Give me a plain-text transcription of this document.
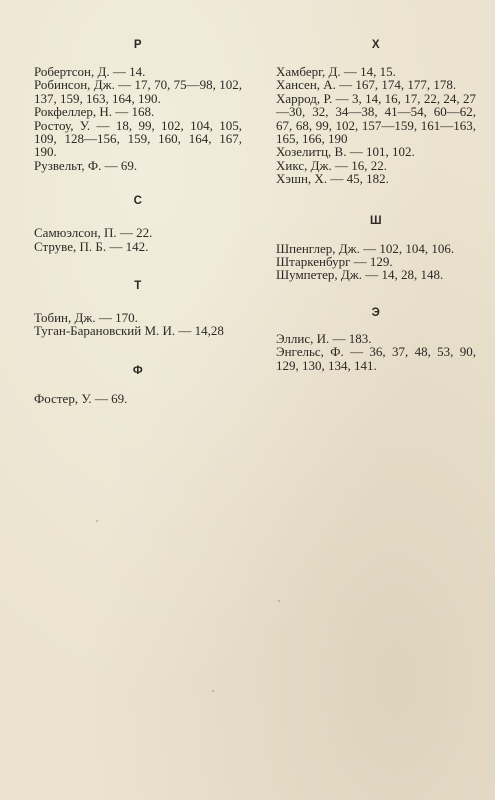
Р
Робертсон, Д. — 14.
Робинсон, Дж. — 17, 70, 75—98, 102, 137, 159, 163, 164, 190.
Рокфеллер, Н. — 168.
Ростоу, У. — 18, 99, 102, 104, 105, 109, 128—156, 159, 160, 164, 167, 190.
Рузвельт, Ф. — 69.
С
Самюэлсон, П. — 22.
Струве, П. Б. — 142.
Т
Тобин, Дж. — 170.
Туган-Барановский М. И. — 14,28
Ф
Фостер, У. — 69.
Х
Хамберг, Д. — 14, 15.
Хансен, А. — 167, 174, 177, 178.
Харрод, Р. — 3, 14, 16, 17, 22, 24, 27—30, 32, 34—38, 41—54, 60—62, 67, 68, 99, 102, 157—159, 161—163, 165, 166, 190
Хозелитц, В. — 101, 102.
Хикс, Дж. — 16, 22.
Хэшн, Х. — 45, 182.
Ш
Шпенглер, Дж. — 102, 104, 106.
Штаркенбург — 129.
Шумпетер, Дж. — 14, 28, 148.
Э
Эллис, И. — 183.
Энгельс, Ф. — 36, 37, 48, 53, 90, 129, 130, 134, 141.
